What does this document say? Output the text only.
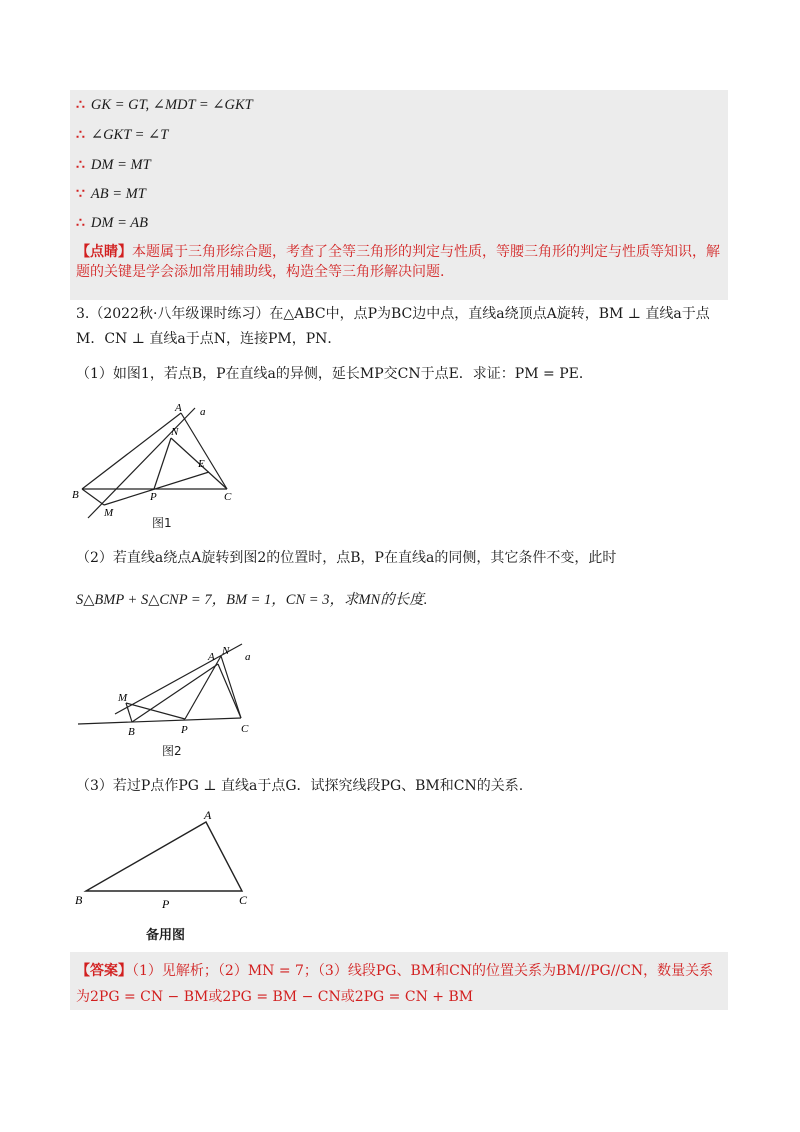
∴ GK = GT, ∠MDT = ∠GKT
∴ ∠GKT = ∠T
∴ DM = MT
∵ AB = MT
∴ DM = AB
【点睛】本题属于三角形综合题，考查了全等三角形的判定与性质，等腰三角形的判定与性质等知识，解
题的关键是学会添加常用辅助线，构造全等三角形解决问题.
3.（2022秋·八年级课时练习）在△ABC中，点P为BC边中点，直线a绕顶点A旋转，BM ⊥ 直线a于点
M．CN ⊥ 直线a于点N，连接PM，PN．
（1）如图1，若点B，P在直线a的异侧，延长MP交CN于点E．求证：PM = PE．
A a
N
E
B	P	C
M
图1
（2）若直线a绕点A旋转到图2的位置时，点B，P在直线a的同侧，其它条件不变，此时
S△BMP + S△CNP = 7，BM = 1，CN = 3，求MN的长度.
A N a
M
B	P	C
图2
（3）若过P点作PG ⊥ 直线a于点G．试探究线段PG、BM和CN的关系.
A
B	P	C
备用图
【答案】（1）见解析；（2）MN = 7；（3）线段PG、BM和CN的位置关系为BM//PG//CN，数量关系
为2PG = CN − BM或2PG = BM − CN或2PG = CN + BM
